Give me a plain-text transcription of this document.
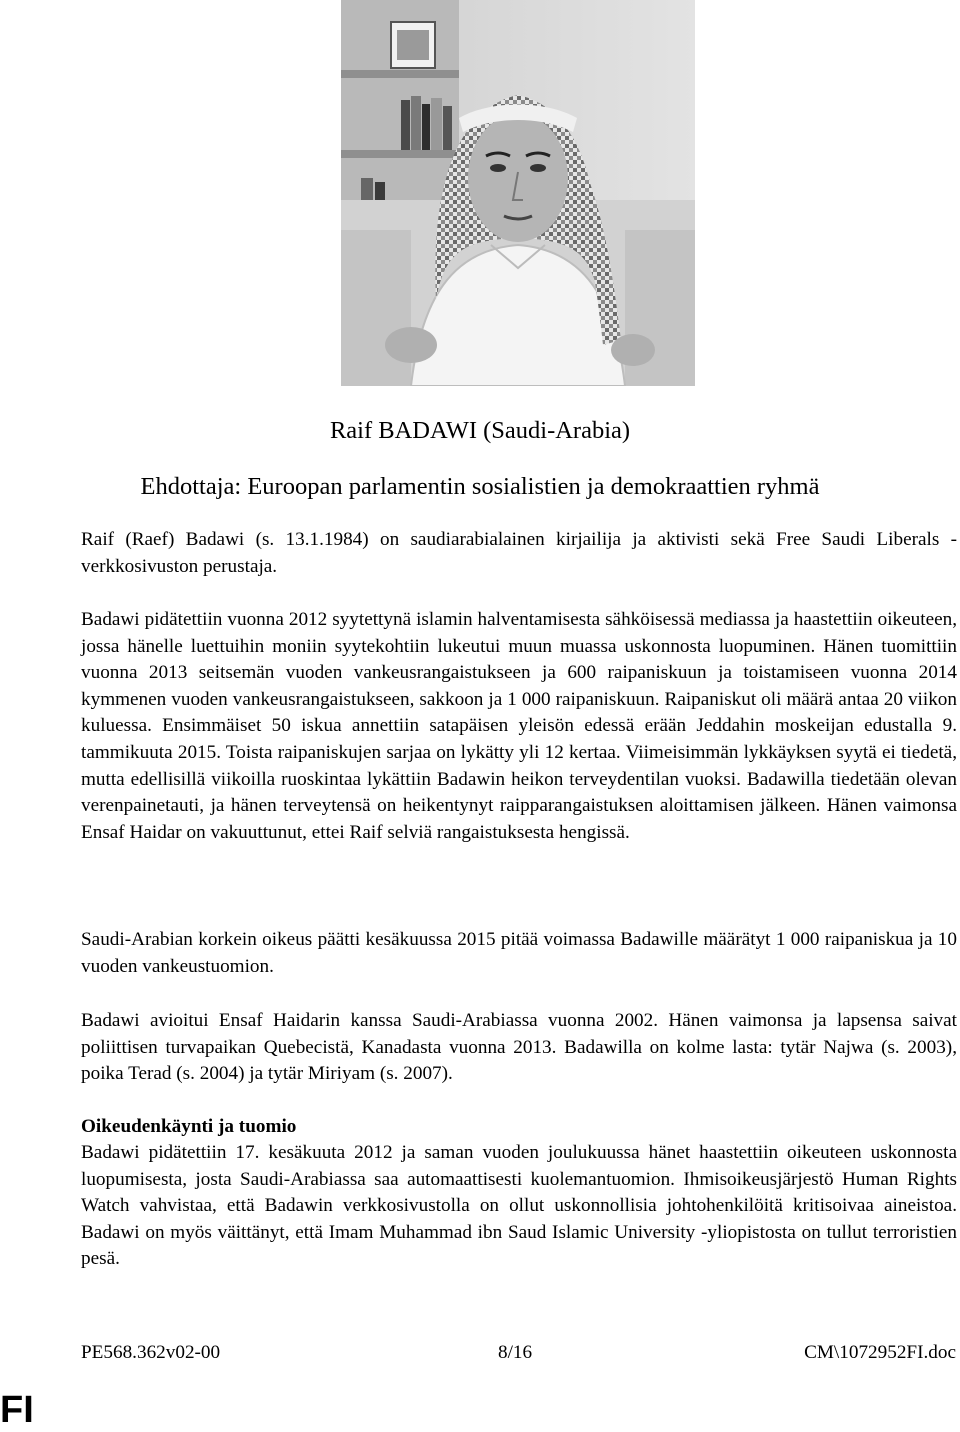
Raif BADAWI (Saudi-Arabia)
Ehdottaja: Euroopan parlamentin sosialistien ja demokraattien ryhmä

Raif (Raef) Badawi (s. 13.1.1984) on saudiarabialainen kirjailija ja aktivisti sekä Free Saudi Liberals -verkkosivuston perustaja.

Badawi pidätettiin vuonna 2012 syytettynä islamin halventamisesta sähköisessä mediassa ja haastettiin oikeuteen, jossa hänelle luettuihin moniin syytekohtiin lukeutui muun muassa uskonnosta luopuminen. Hänen tuomittiin vuonna 2013 seitsemän vuoden vankeusrangaistukseen ja 600 raipaniskuun ja toistamiseen vuonna 2014 kymmenen vuoden vankeusrangaistukseen, sakkoon ja 1 000 raipaniskuun. Raipaniskut oli määrä antaa 20 viikon kuluessa. Ensimmäiset 50 iskua annettiin satapäisen yleisön edessä erään Jeddahin moskeijan edustalla 9. tammikuuta 2015. Toista raipaniskujen sarjaa on lykätty yli 12 kertaa. Viimeisimmän lykkäyksen syytä ei tiedetä, mutta edellisillä viikoilla ruoskintaa lykättiin Badawin heikon terveydentilan vuoksi. Badawilla tiedetään olevan verenpainetauti, ja hänen terveytensä on heikentynyt raipparangaistuksen aloittamisen jälkeen. Hänen vaimonsa Ensaf Haidar on vakuuttunut, ettei Raif selviä rangaistuksesta hengissä.

Saudi-Arabian korkein oikeus päätti kesäkuussa 2015 pitää voimassa Badawille määrätyt 1 000 raipaniskua ja 10 vuoden vankeustuomion.

Badawi avioitui Ensaf Haidarin kanssa Saudi-Arabiassa vuonna 2002. Hänen vaimonsa ja lapsensa saivat poliittisen turvapaikan Quebecistä, Kanadasta vuonna 2013. Badawilla on kolme lasta: tytär Najwa (s. 2003), poika Terad (s. 2004) ja tytär Miriyam (s. 2007).

Oikeudenkäynti ja tuomio

Badawi pidätettiin 17. kesäkuuta 2012 ja saman vuoden joulukuussa hänet haastettiin oikeuteen uskonnosta luopumisesta, josta Saudi-Arabiassa saa automaattisesti kuolemantuomion. Ihmisoikeusjärjestö Human Rights Watch vahvistaa, että Badawin verkkosivustolla on ollut uskonnollisia johtohenkilöitä kritisoivaa aineistoa. Badawi on myös väittänyt, että Imam Muhammad ibn Saud Islamic University -yliopistosta on tullut terroristien pesä.

PE568.362v02-00	8/16	CM\1072952FI.doc
FI
